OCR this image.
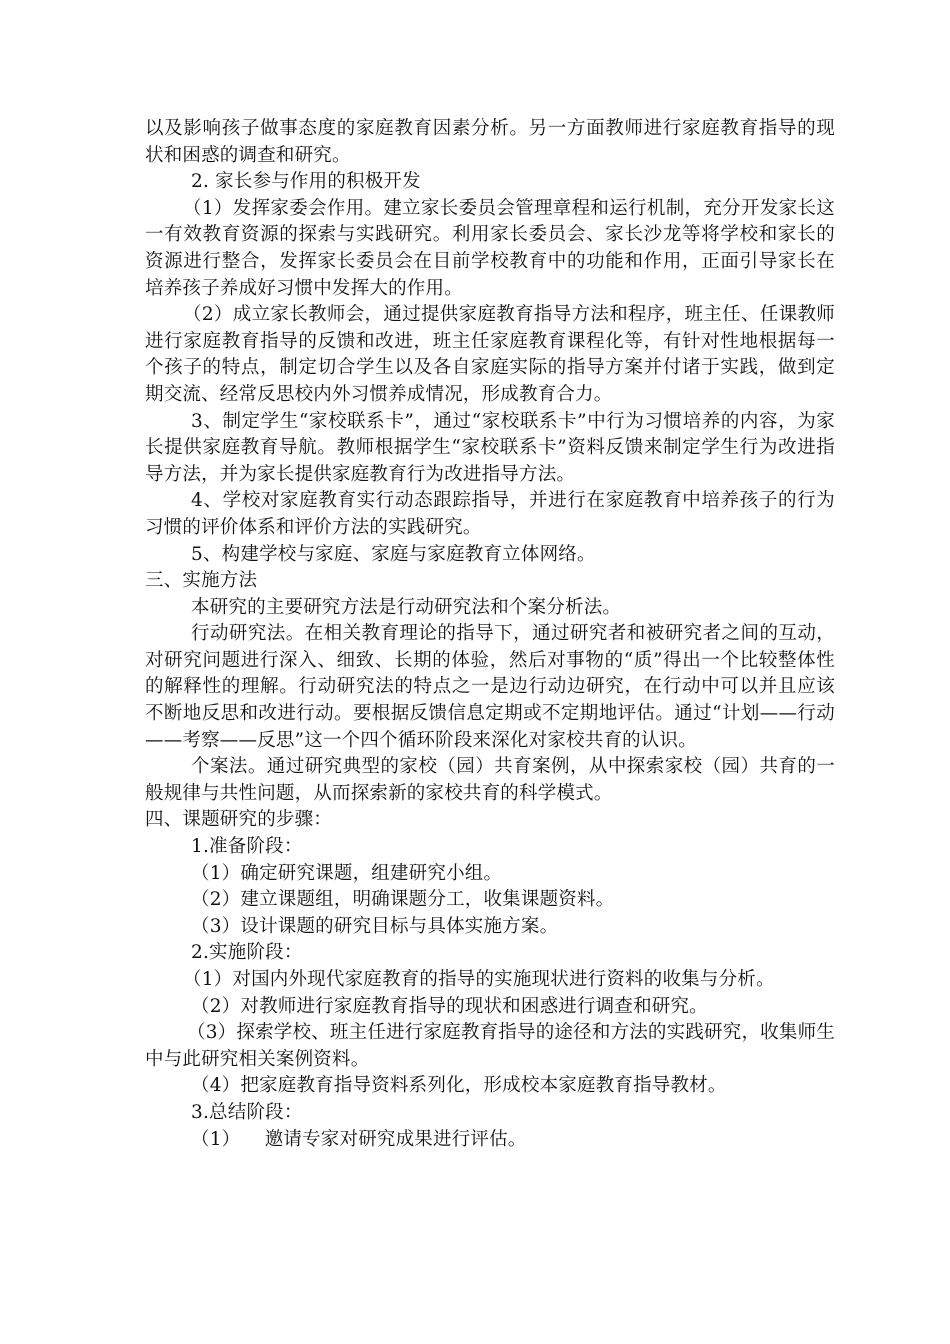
以及影响孩子做事态度的家庭教育因素分析。另一方面教师进行家庭教育指导的现状和困惑的调查和研究。

2. 家长参与作用的积极开发

（1）发挥家委会作用。建立家长委员会管理章程和运行机制，充分开发家长这一有效教育资源的探索与实践研究。利用家长委员会、家长沙龙等将学校和家长的资源进行整合，发挥家长委员会在目前学校教育中的功能和作用，正面引导家长在培养孩子养成好习惯中发挥大的作用。

（2）成立家长教师会，通过提供家庭教育指导方法和程序，班主任、任课教师进行家庭教育指导的反馈和改进，班主任家庭教育课程化等，有针对性地根据每一个孩子的特点，制定切合学生以及各自家庭实际的指导方案并付诸于实践，做到定期交流、经常反思校内外习惯养成情况，形成教育合力。

3、制定学生“家校联系卡”，通过“家校联系卡”中行为习惯培养的内容，为家长提供家庭教育导航。教师根据学生“家校联系卡”资料反馈来制定学生行为改进指导方法，并为家长提供家庭教育行为改进指导方法。

4、学校对家庭教育实行动态跟踪指导，并进行在家庭教育中培养孩子的行为习惯的评价体系和评价方法的实践研究。

5、构建学校与家庭、家庭与家庭教育立体网络。

三、实施方法

本研究的主要研究方法是行动研究法和个案分析法。

行动研究法。在相关教育理论的指导下，通过研究者和被研究者之间的互动，对研究问题进行深入、细致、长期的体验，然后对事物的“质”得出一个比较整体性的解释性的理解。行动研究法的特点之一是边行动边研究，在行动中可以并且应该不断地反思和改进行动。要根据反馈信息定期或不定期地评估。通过“计划——行动——考察——反思”这一个四个循环阶段来深化对家校共育的认识。

个案法。通过研究典型的家校（园）共育案例，从中探索家校（园）共育的一般规律与共性问题，从而探索新的家校共育的科学模式。

四、课题研究的步骤：

1.准备阶段：

（1）确定研究课题，组建研究小组。

（2）建立课题组，明确课题分工，收集课题资料。

（3）设计课题的研究目标与具体实施方案。

2.实施阶段：

（1）对国内外现代家庭教育的指导的实施现状进行资料的收集与分析。

（2）对教师进行家庭教育指导的现状和困惑进行调查和研究。

（3）探索学校、班主任进行家庭教育指导的途径和方法的实践研究，收集师生中与此研究相关案例资料。

（4）把家庭教育指导资料系列化，形成校本家庭教育指导教材。

3.总结阶段：

（1）    邀请专家对研究成果进行评估。
